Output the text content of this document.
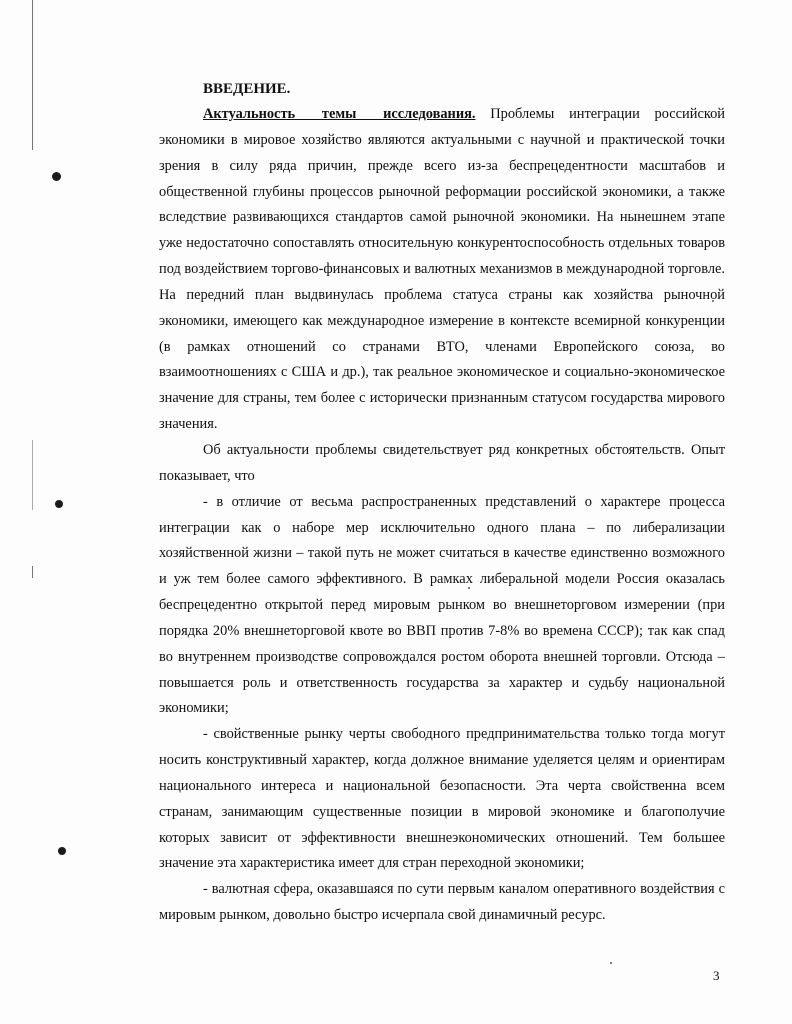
ВВЕДЕНИЕ.

Актуальность темы исследования. Проблемы интеграции российской экономики в мировое хозяйство являются актуальными с научной и практической точки зрения в силу ряда причин, прежде всего из-за беспрецедентности масштабов и общественной глубины процессов рыночной реформации российской экономики, а также вследствие развивающихся стандартов самой рыночной экономики. На нынешнем этапе уже недостаточно сопоставлять относительную конкурентоспособность отдельных товаров под воздействием торгово-финансовых и валютных механизмов в международной торговле. На передний план выдвинулась проблема статуса страны как хозяйства рыночной экономики, имеющего как международное измерение в контексте всемирной конкуренции (в рамках отношений со странами ВТО, членами Европейского союза, во взаимоотношениях с США и др.), так реальное экономическое и социально-экономическое значение для страны, тем более с исторически признанным статусом государства мирового значения.

Об актуальности проблемы свидетельствует ряд конкретных обстоятельств. Опыт показывает, что

- в отличие от весьма распространенных представлений о характере процесса интеграции как о наборе мер исключительно одного плана – по либерализации хозяйственной жизни – такой путь не может считаться в качестве единственно возможного и уж тем более самого эффективного. В рамках либеральной модели Россия оказалась беспрецедентно открытой перед мировым рынком во внешнеторговом измерении (при порядка 20% внешнеторговой квоте во ВВП против 7-8% во времена СССР); так как спад во внутреннем производстве сопровождался ростом оборота внешней торговли. Отсюда – повышается роль и ответственность государства за характер и судьбу национальной экономики;

- свойственные рынку черты свободного предпринимательства только тогда могут носить конструктивный характер, когда должное внимание уделяется целям и ориентирам национального интереса и национальной безопасности. Эта черта свойственна всем странам, занимающим существенные позиции в мировой экономике и благополучие которых зависит от эффективности внешнеэкономических отношений. Тем большее значение эта характеристика имеет для стран переходной экономики;

- валютная сфера, оказавшаяся по сути первым каналом оперативного воздействия с мировым рынком, довольно быстро исчерпала свой динамичный ресурс.

3
